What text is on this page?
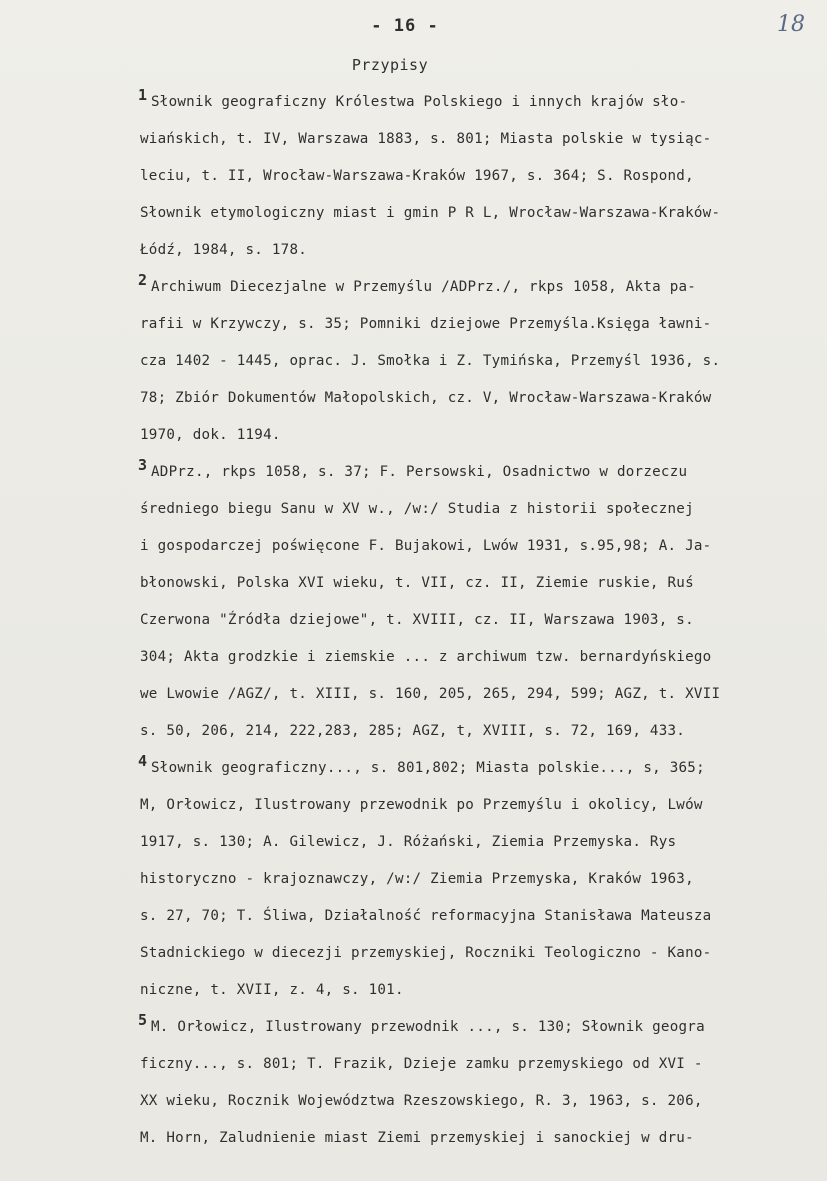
- 16 -	18
Przypisy
1 Słownik geograficzny Królestwa Polskiego i innych krajów sło-
wiańskich, t. IV, Warszawa 1883, s. 801; Miasta polskie w tysiąc-
leciu, t. II, Wrocław-Warszawa-Kraków 1967, s. 364; S. Rospond,
Słownik etymologiczny miast i gmin P R L, Wrocław-Warszawa-Kraków-
Łódź, 1984, s. 178.
2 Archiwum Diecezjalne w Przemyślu /ADPrz./, rkps 1058, Akta pa-
rafii w Krzywczy, s. 35; Pomniki dziejowe Przemyśla.Księga ławni-
cza 1402 - 1445, oprac. J. Smołka i Z. Tymińska, Przemyśl 1936, s.
78; Zbiór Dokumentów Małopolskich, cz. V, Wrocław-Warszawa-Kraków
1970, dok. 1194.
3 ADPrz., rkps 1058, s. 37; F. Persowski, Osadnictwo w dorzeczu
średniego biegu Sanu w XV w., /w:/ Studia z historii społecznej
i gospodarczej poświęcone F. Bujakowi, Lwów 1931, s.95,98; A. Ja-
błonowski, Polska XVI wieku, t. VII, cz. II, Ziemie ruskie, Ruś
Czerwona "Źródła dziejowe", t. XVIII, cz. II, Warszawa 1903, s.
304; Akta grodzkie i ziemskie ... z archiwum tzw. bernardyńskiego
we Lwowie /AGZ/, t. XIII, s. 160, 205, 265, 294, 599; AGZ, t. XVII
s. 50, 206, 214, 222,283, 285; AGZ, t, XVIII, s. 72, 169, 433.
4 Słownik geograficzny..., s. 801,802; Miasta polskie..., s, 365;
M, Orłowicz, Ilustrowany przewodnik po Przemyślu i okolicy, Lwów
1917, s. 130; A. Gilewicz, J. Różański, Ziemia Przemyska. Rys
historyczno - krajoznawczy, /w:/ Ziemia Przemyska, Kraków 1963,
s. 27, 70; T. Śliwa, Działalność reformacyjna Stanisława Mateusza
Stadnickiego w diecezji przemyskiej, Roczniki Teologiczno - Kano-
niczne, t. XVII, z. 4, s. 101.
5 M. Orłowicz, Ilustrowany przewodnik ..., s. 130; Słownik geogra
ficzny..., s. 801; T. Frazik, Dzieje zamku przemyskiego od XVI -
XX wieku, Rocznik Województwa Rzeszowskiego, R. 3, 1963, s. 206,
M. Horn, Zaludnienie miast Ziemi przemyskiej i sanockiej w dru-
